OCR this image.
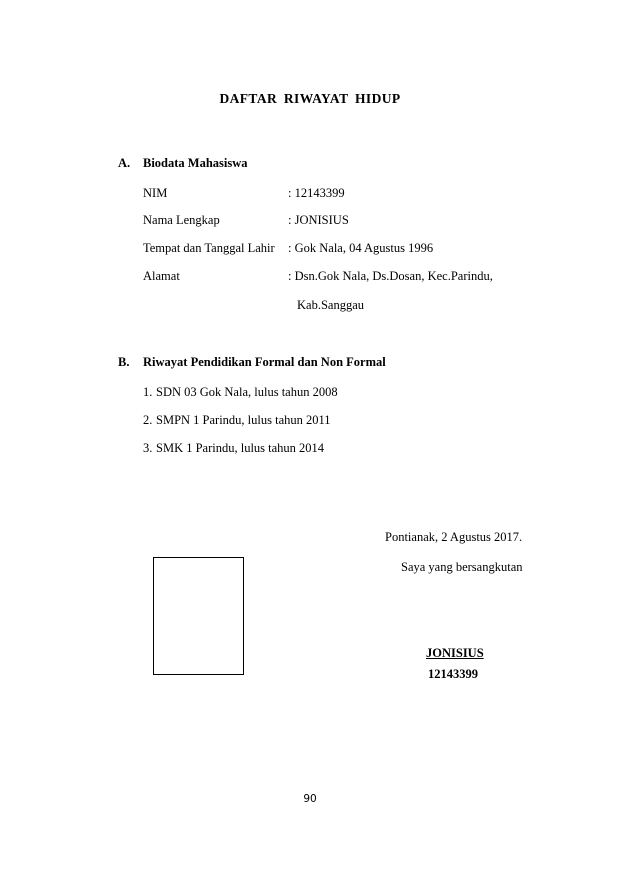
DAFTAR RIWAYAT HIDUP
A. Biodata Mahasiswa
NIM	: 12143399
Nama Lengkap	: JONISIUS
Tempat dan Tanggal Lahir : Gok Nala, 04 Agustus 1996
Alamat	: Dsn.Gok Nala, Ds.Dosan, Kec.Parindu,
Kab.Sanggau
B. Riwayat Pendidikan Formal dan Non Formal
1. SDN 03 Gok Nala, lulus tahun 2008
2. SMPN 1 Parindu, lulus tahun 2011
3. SMK 1 Parindu, lulus tahun 2014
Pontianak, 2 Agustus 2017.
Saya yang bersangkutan
JONISIUS
12143399
90
